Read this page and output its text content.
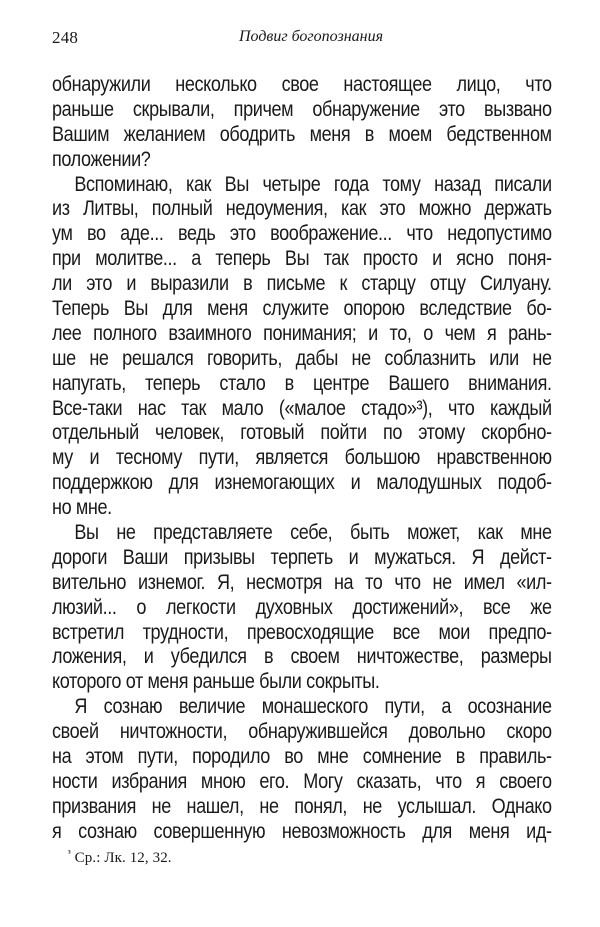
248	Подвиг богопознания
обнаружили несколько свое настоящее лицо, что
раньше скрывали, причем обнаружение это вызвано
Вашим желанием ободрить меня в моем бедственном
положении?
Вспоминаю, как Вы четыре года тому назад писали
из Литвы, полный недоумения, как это можно держать
ум во аде... ведь это воображение... что недопустимо
при молитве... а теперь Вы так просто и ясно поня-
ли это и выразили в письме к старцу отцу Силуану.
Теперь Вы для меня служите опорою вследствие бо-
лее полного взаимного понимания; и то, о чем я рань-
ше не решался говорить, дабы не соблазнить или не
напугать, теперь стало в центре Вашего внимания.
Все-таки нас так мало («малое стадо»³), что каждый
отдельный человек, готовый пойти по этому скорбно-
му и тесному пути, является большою нравственною
поддержкою для изнемогающих и малодушных подоб-
но мне.
Вы не представляете себе, быть может, как мне
дороги Ваши призывы терпеть и мужаться. Я дейст-
вительно изнемог. Я, несмотря на то что не имел «ил-
люзий... о легкости духовных достижений», все же
встретил трудности, превосходящие все мои предпо-
ложения, и убедился в своем ничтожестве, размеры
которого от меня раньше были сокрыты.
Я сознаю величие монашеского пути, а осознание
своей ничтожности, обнаружившейся довольно скоро
на этом пути, породило во мне сомнение в правиль-
ности избрания мною его. Могу сказать, что я своего
призвания не нашел, не понял, не услышал. Однако
я сознаю совершенную невозможность для меня ид-
$^{^3}$ Ср.: Лк. 12, 32.
